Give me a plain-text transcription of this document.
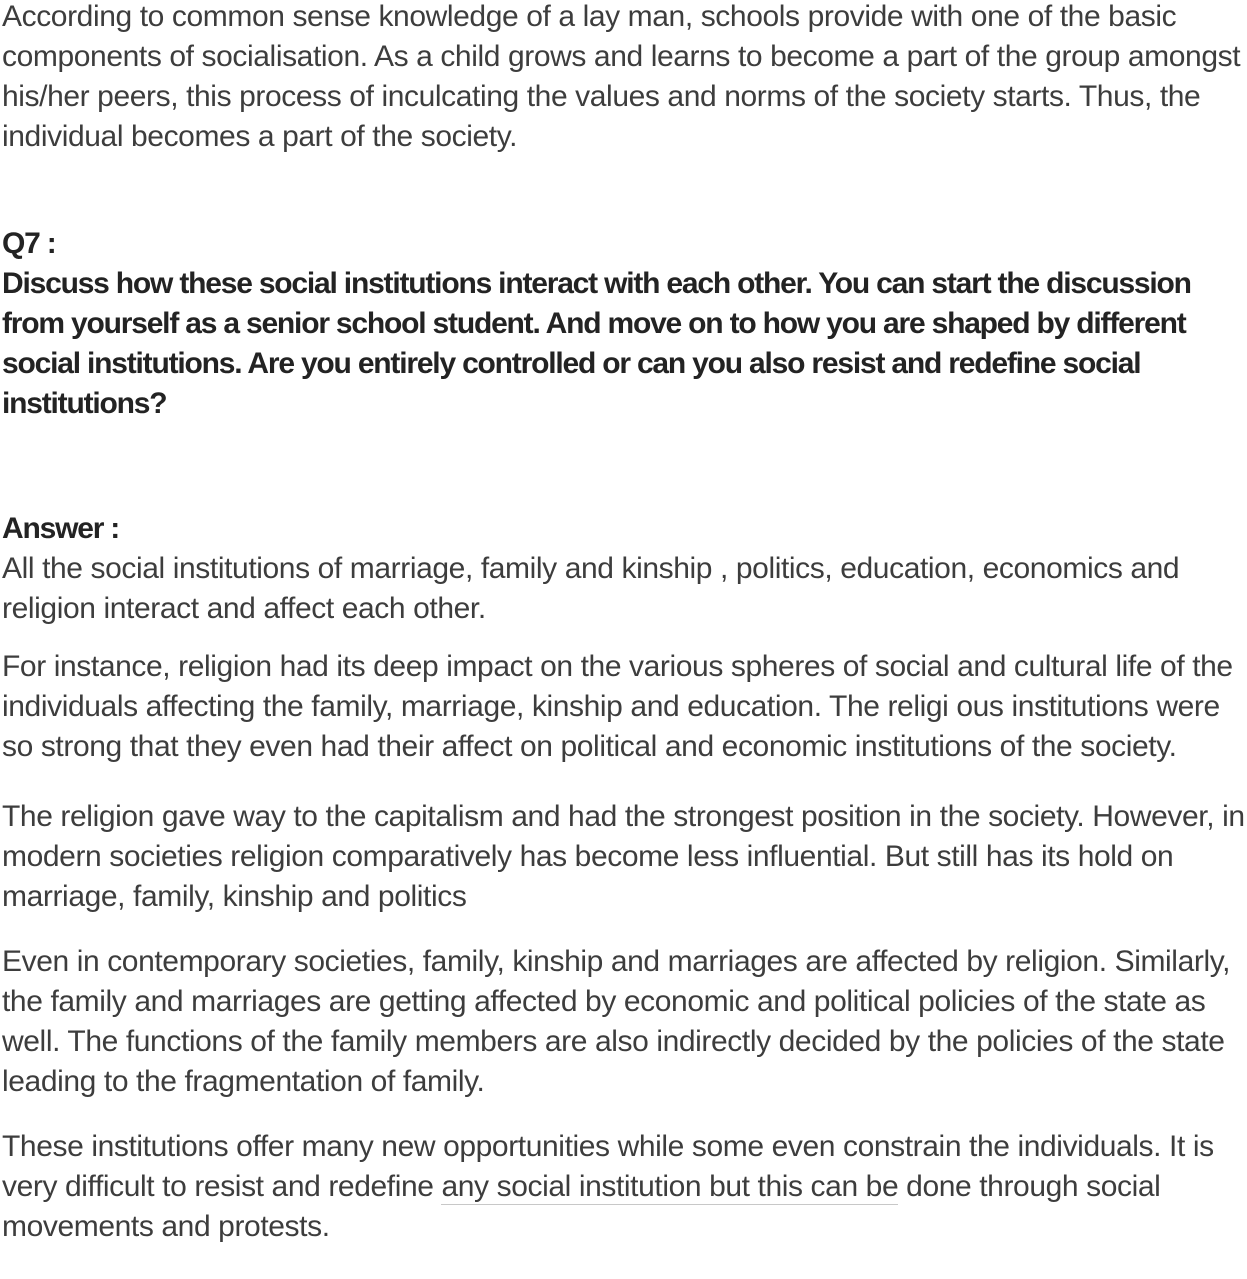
According to common sense knowledge of a lay man, schools provide with one of the basic components of socialisation. As a child grows and learns to become a part of the group amongst his/her peers, this process of inculcating the values and norms of the society starts. Thus, the individual becomes a part of the society.

Q7 :

Discuss how these social institutions interact with each other. You can start the discussion from yourself as a senior school student. And move on to how you are shaped by different social institutions. Are you entirely controlled or can you also resist and redefine social institutions?

Answer :

All the social institutions of marriage, family and kinship , politics, education, economics and religion interact and affect each other.

For instance, religion had its deep impact on the various spheres of social and cultural life of the individuals affecting the family, marriage, kinship and education. The religi ous institutions were so strong that they even had their affect on political and economic institutions of the society.

The religion gave way to the capitalism and had the strongest position in the society. However, in modern societies religion comparatively has become less influential. But still has its hold on marriage, family, kinship and politics

Even in contemporary societies, family, kinship and marriages are affected by religion. Similarly, the family and marriages are getting affected by economic and political policies of the state as well. The functions of the family members are also indirectly decided by the policies of the state leading to the fragmentation of family.

These institutions offer many new opportunities while some even constrain the individuals. It is very difficult to resist and redefine any social institution but this can be done through social movements and protests.
